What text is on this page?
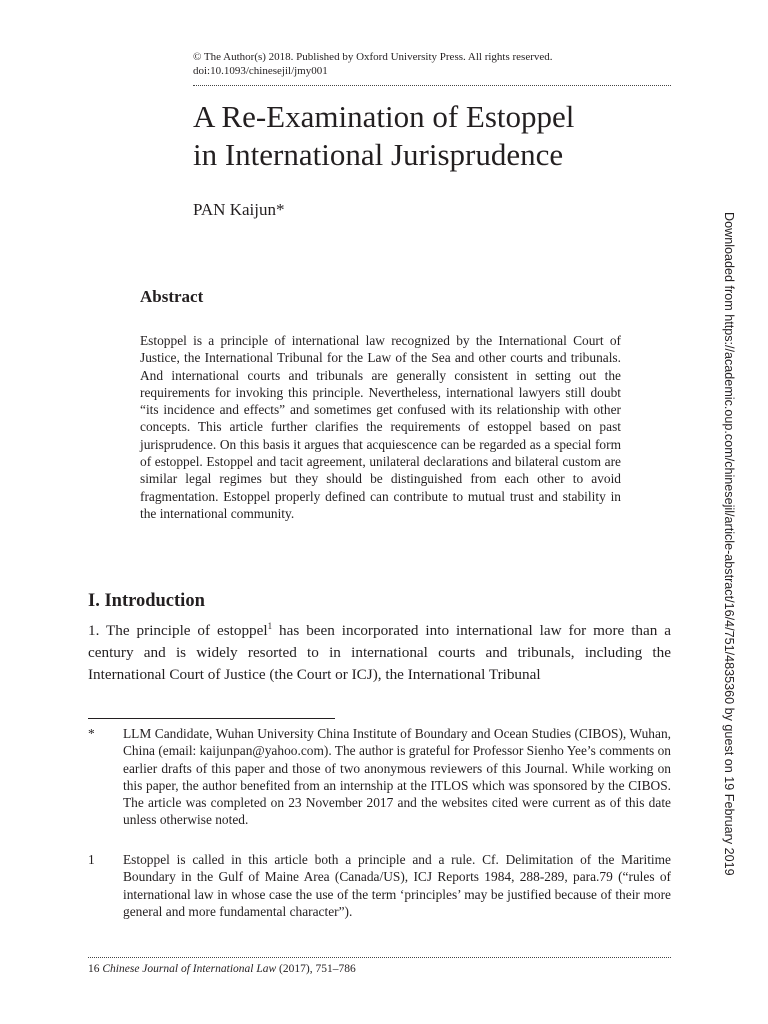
© The Author(s) 2018. Published by Oxford University Press. All rights reserved.
doi:10.1093/chinesejil/jmy001
A Re-Examination of Estoppel
in International Jurisprudence
PAN Kaijun*
Abstract

Estoppel is a principle of international law recognized by the International Court of Justice, the International Tribunal for the Law of the Sea and other courts and tribunals. And international courts and tribunals are generally consistent in setting out the requirements for invoking this principle. Nevertheless, international lawyers still doubt “its incidence and effects” and sometimes get confused with its relationship with other concepts. This article further clarifies the requirements of estoppel based on past jurisprudence. On this basis it argues that acquiescence can be regarded as a special form of estoppel. Estoppel and tacit agreement, unilateral declarations and bilateral custom are similar legal regimes but they should be distinguished from each other to avoid fragmentation. Estoppel properly defined can contribute to mutual trust and stability in the international community.

I. Introduction

1. The principle of estoppel$^1$ has been incorporated into international law for more than a century and is widely resorted to in international courts and tribunals, including the International Court of Justice (the Court or ICJ), the International Tribunal

* LLM Candidate, Wuhan University China Institute of Boundary and Ocean Studies (CIBOS), Wuhan, China (email: kaijunpan@yahoo.com). The author is grateful for Professor Sienho Yee’s comments on earlier drafts of this paper and those of two anonymous reviewers of this Journal. While working on this paper, the author benefited from an internship at the ITLOS which was sponsored by the CIBOS. The article was completed on 23 November 2017 and the websites cited were current as of this date unless otherwise noted.
1 Estoppel is called in this article both a principle and a rule. Cf. Delimitation of the Maritime Boundary in the Gulf of Maine Area (Canada/US), ICJ Reports 1984, 288-289, para.79 (“rules of international law in whose case the use of the term ‘principles’ may be justified because of their more general and more fundamental character”).
16 Chinese Journal of International Law (2017), 751–786
Downloaded from https://academic.oup.com/chinesejil/article-abstract/16/4/751/4835360 by guest on 19 February 2019
